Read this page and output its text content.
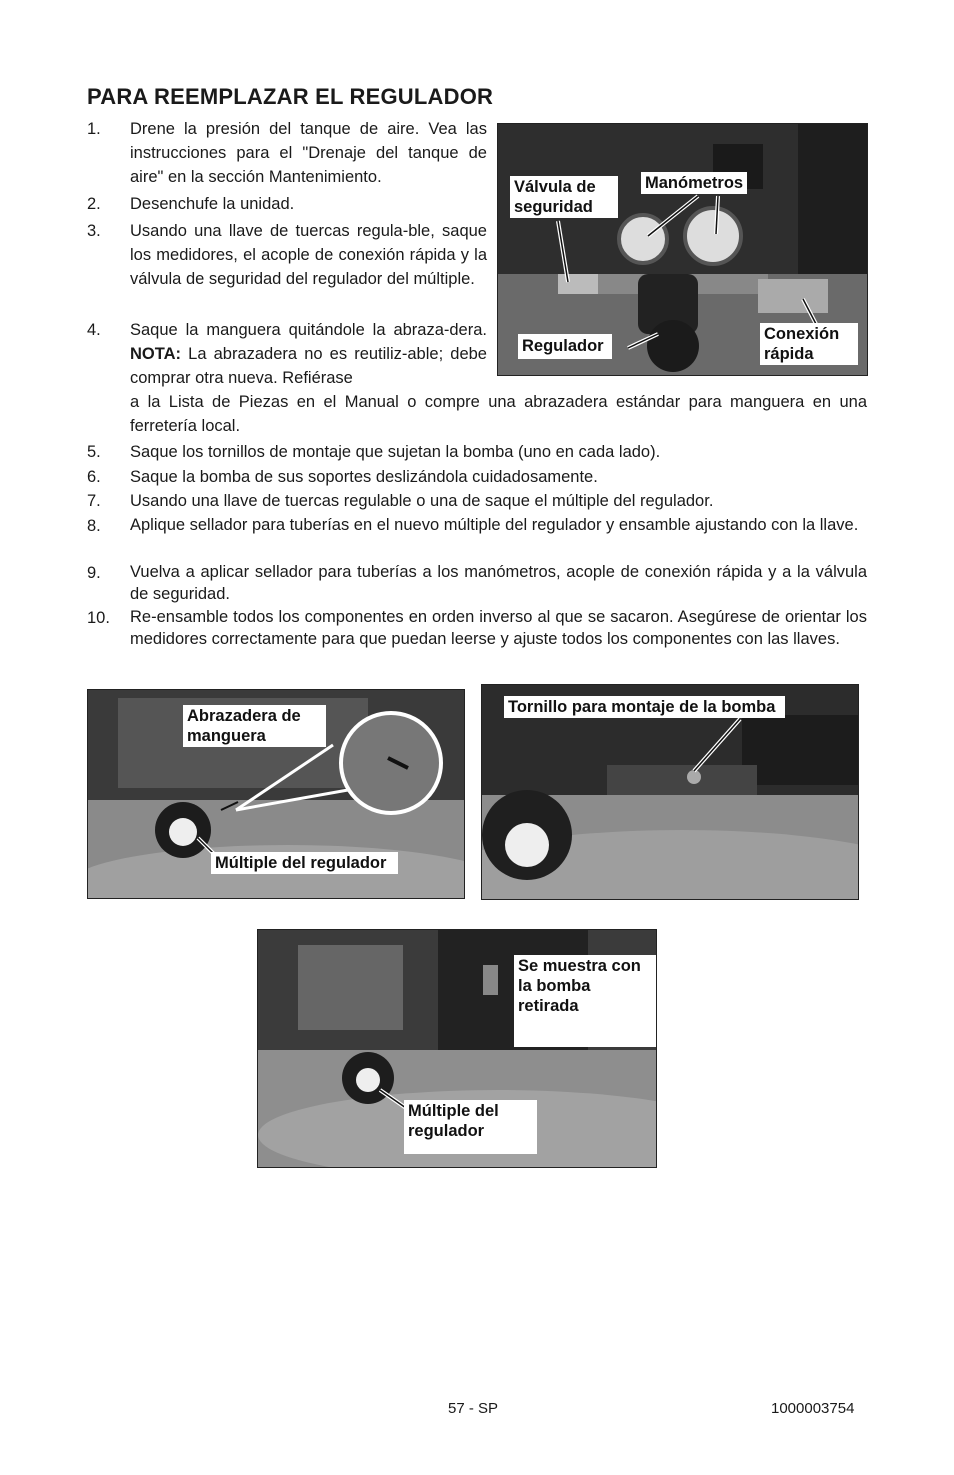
PARA REEMPLAZAR EL REGULADOR
1. Drene la presión del tanque de aire. Vea las instrucciones para el "Drenaje del tanque de aire" en la sección Mantenimiento.
2. Desenchufe la unidad.
3. Usando una llave de tuercas regula-ble, saque los medidores, el acople de conexión rápida y la válvula de seguridad del regulador del múltiple.
4. Saque la manguera quitándole la abraza-dera. NOTA: La abrazadera no es reutiliz-able; debe comprar otra nueva. Refiérase
a la Lista de Piezas en el Manual o compre una abrazadera estándar para manguera en una ferretería local.
5. Saque los tornillos de montaje que sujetan la bomba (uno en cada lado).
6. Saque la bomba de sus soportes deslizándola cuidadosamente.
7. Usando una llave de tuercas regulable o una de saque el múltiple del regulador.
8. Aplique sellador para tuberías en el nuevo múltiple del regulador y ensamble ajustando con la llave.
9. Vuelva a aplicar sellador para tuberías a los manómetros, acople de conexión rápida y a la válvula de seguridad.
10. Re-ensamble todos los componentes en orden inverso al que se sacaron. Asegúrese de orientar los medidores correctamente para que puedan leerse y ajuste todos los componentes con las llaves.
Válvula de seguridad
Manómetros
Regulador
Conexión rápida
Abrazadera de manguera
Múltiple del regulador
Tornillo para montaje de la bomba
Se muestra con la bomba retirada
Múltiple del regulador
57 - SP	1000003754
